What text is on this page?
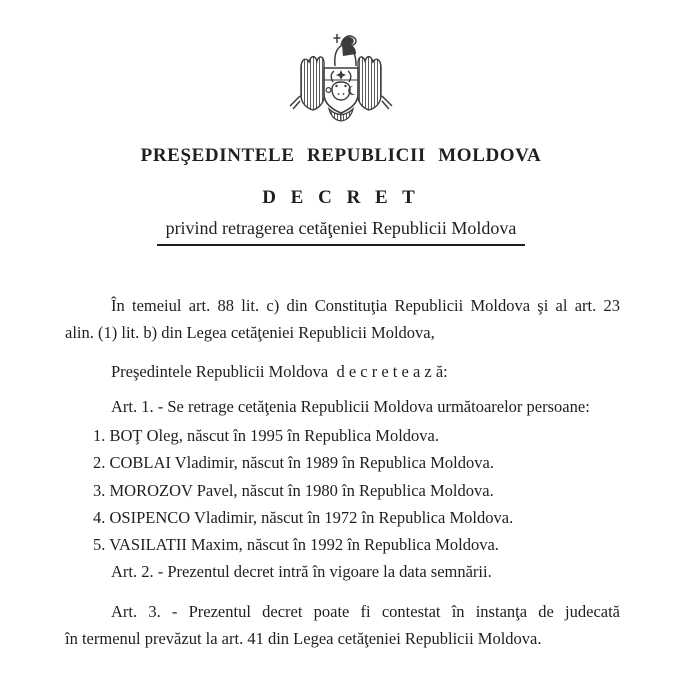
PREŞEDINTELE REPUBLICII MOLDOVA
D E C R E T
privind retragerea cetăţeniei Republicii Moldova
În temeiul art. 88 lit. c) din Constituţia Republicii Moldova şi al art. 23
alin. (1) lit. b) din Legea cetăţeniei Republicii Moldova,
Preşedintele Republicii Moldova  d e c r e t e a z ă:
Art. 1. - Se retrage cetăţenia Republicii Moldova următoarelor persoane:
1. BOŢ Oleg, născut în 1995 în Republica Moldova.
2. COBLAI Vladimir, născut în 1989 în Republica Moldova.
3. MOROZOV Pavel, născut în 1980 în Republica Moldova.
4. OSIPENCO Vladimir, născut în 1972 în Republica Moldova.
5. VASILATII Maxim, născut în 1992 în Republica Moldova.
Art. 2. - Prezentul decret intră în vigoare la data semnării.
Art. 3. - Prezentul decret poate fi contestat în instanţa de judecată
în termenul prevăzut la art. 41 din Legea cetăţeniei Republicii Moldova.
